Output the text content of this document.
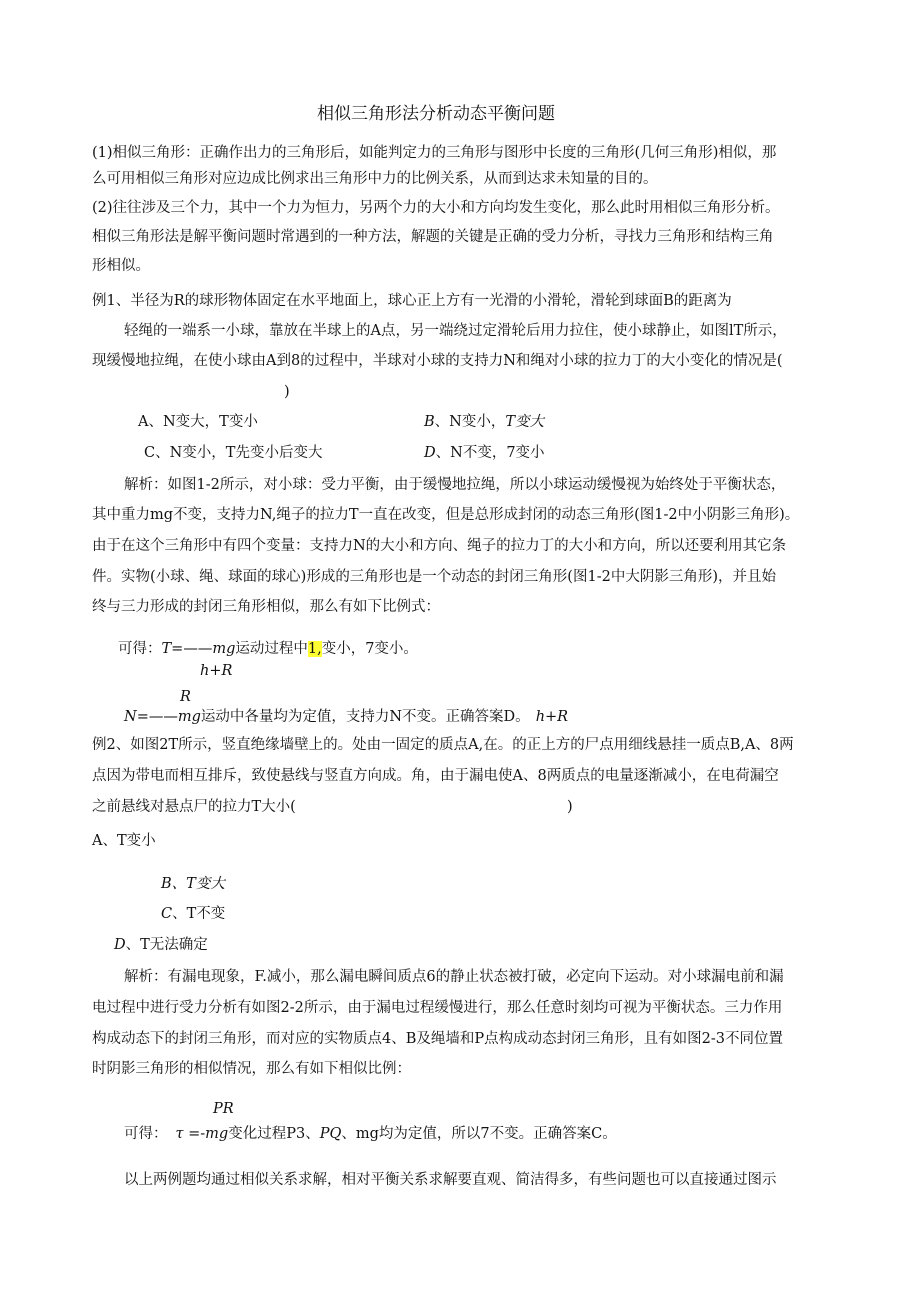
相似三角形法分析动态平衡问题
(1)相似三角形：正确作出力的三角形后，如能判定力的三角形与图形中长度的三角形(几何三角形)相似，那
么可用相似三角形对应边成比例求出三角形中力的比例关系，从而到达求未知量的目的。
(2)往往涉及三个力，其中一个力为恒力，另两个力的大小和方向均发生变化，那么此时用相似三角形分析。
相似三角形法是解平衡问题时常遇到的一种方法，解题的关键是正确的受力分析，寻找力三角形和结构三角
形相似。
例1、半径为R的球形物体固定在水平地面上，球心正上方有一光滑的小滑轮，滑轮到球面B的距离为
轻绳的一端系一小球，靠放在半球上的A点，另一端绕过定滑轮后用力拉住，使小球静止，如图lT所示，
现缓慢地拉绳，在使小球由A到8的过程中，半球对小球的支持力N和绳对小球的拉力丁的大小变化的情况是(
)
A、N变大，T变小	B、N变小，T变大
C、N变小，T先变小后变大	D、N不变，7变小
解析：如图1-2所示，对小球：受力平衡，由于缓慢地拉绳，所以小球运动缓慢视为始终处于平衡状态，
其中重力mg不变，支持力N,绳子的拉力T一直在改变，但是总形成封闭的动态三角形(图1-2中小阴影三角形)。
由于在这个三角形中有四个变量：支持力N的大小和方向、绳子的拉力丁的大小和方向，所以还要利用其它条
件。实物(小球、绳、球面的球心)形成的三角形也是一个动态的封闭三角形(图1-2中大阴影三角形)，并且始
终与三力形成的封闭三角形相似，那么有如下比例式：
可得：T=——mg运动过程中1,变小，7变小。
h+R
R
N=——mg运动中各量均为定值，支持力N不变。正确答案D。 h+R
例2、如图2T所示，竖直绝缘墙壁上的。处由一固定的质点A,在。的正上方的尸点用细线悬挂一质点B,A、8两
点因为带电而相互排斥，致使悬线与竖直方向成。角，由于漏电使A、8两质点的电量逐渐减小，在电荷漏空
之前悬线对悬点尸的拉力T大小(	)
A、T变小
B、T变大
C、T不变
D、T无法确定
解析：有漏电现象，F.减小，那么漏电瞬间质点6的静止状态被打破，必定向下运动。对小球漏电前和漏
电过程中进行受力分析有如图2-2所示，由于漏电过程缓慢进行，那么任意时刻均可视为平衡状态。三力作用
构成动态下的封闭三角形，而对应的实物质点4、B及绳墙和P点构成动态封闭三角形，且有如图2-3不同位置
时阴影三角形的相似情况，那么有如下相似比例：
PR
可得： τ =-mg变化过程P3、PQ、mg均为定值，所以7不变。正确答案C。
以上两例题均通过相似关系求解，相对平衡关系求解要直观、简洁得多，有些问题也可以直接通过图示
